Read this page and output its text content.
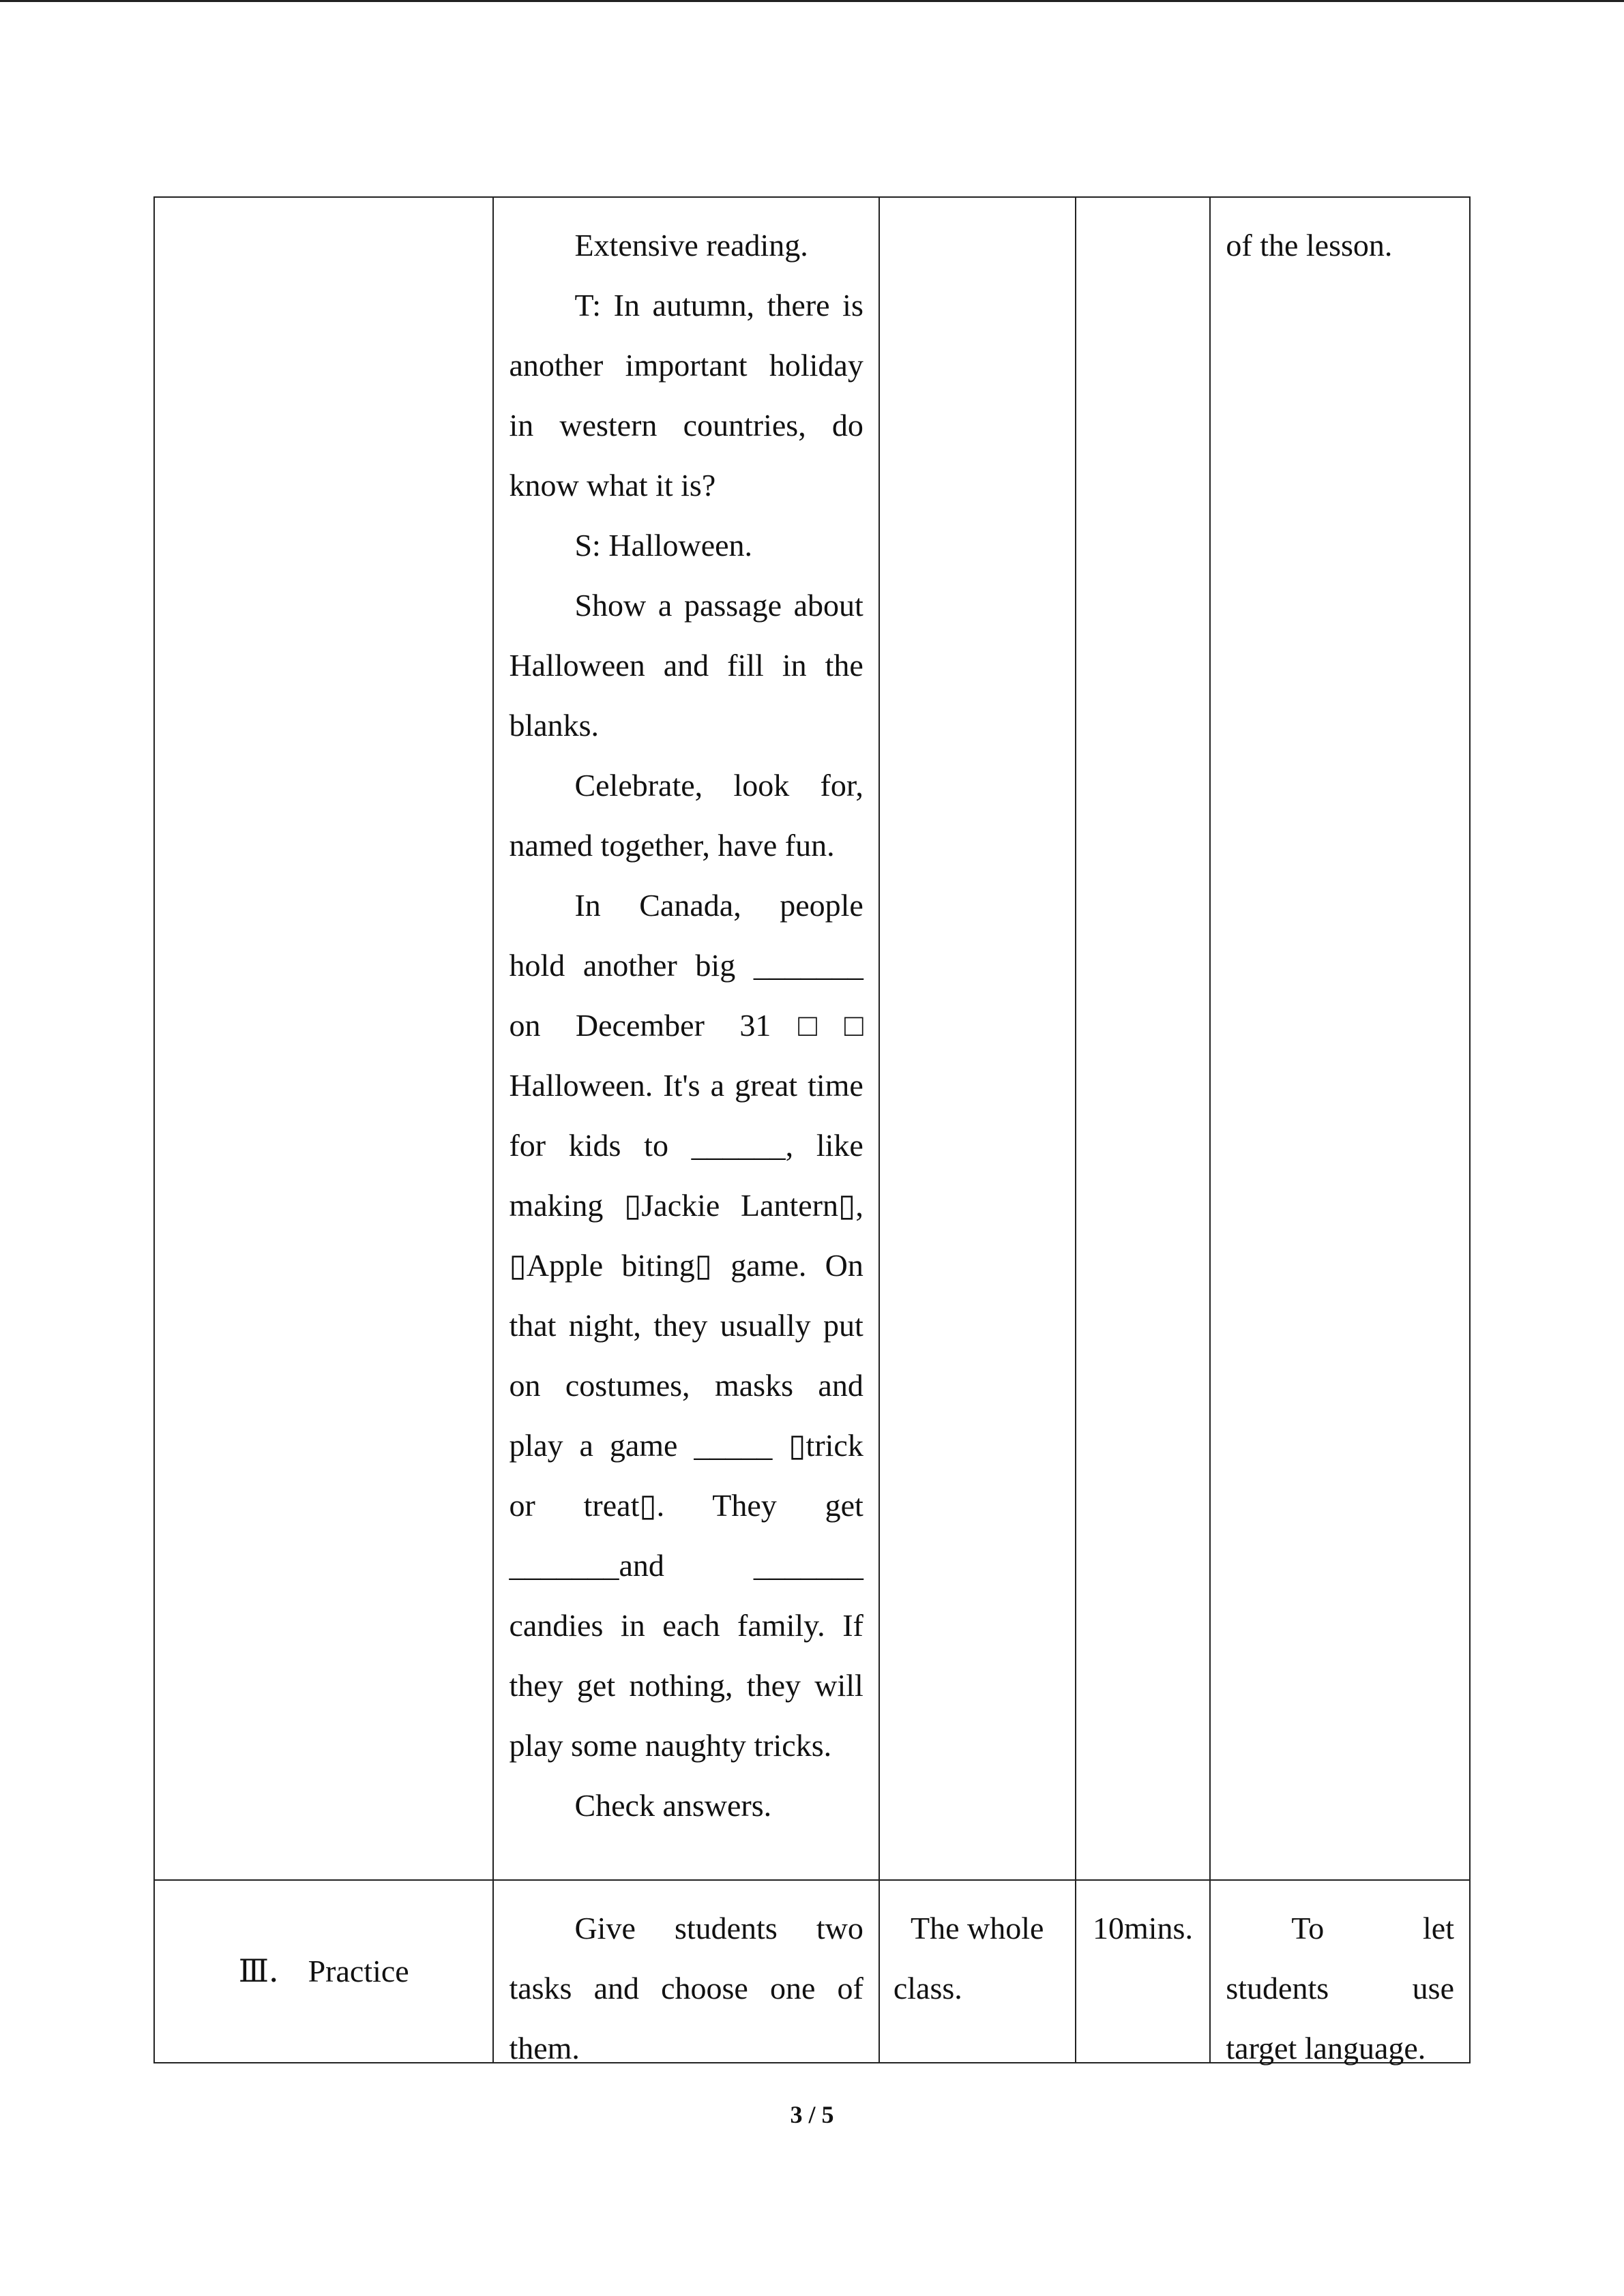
Extensive reading.

T: In autumn, there is another important holiday in western countries, do know what it is?

S: Halloween.

Show a passage about Halloween and fill in the blanks.

Celebrate, look for, named together, have fun.

In Canada, people hold another big _______ on December 31□□ Halloween. It's a great time for kids to ______, like making ▯Jackie Lantern▯, ▯Apple biting▯ game. On that night, they usually put on costumes, masks and play a game _____ ▯trick or treat▯. They get _______and _______ candies in each family. If they get nothing, they will play some naughty tricks.

Check answers.

of the lesson.

Ⅲ． Practice

Give students two tasks and choose one of them.

The whole class.

10mins.	To let students use target language.

3 / 5
